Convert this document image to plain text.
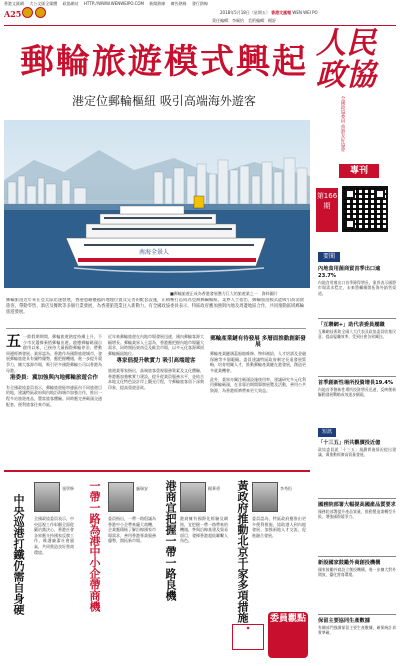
香港文匯網 大公文匯全媒體 政協網站 HTTP://WWW.WENWEIPO.COM 新聞熱線 廣告熱線 發行熱線
A25	2018年5月18日（星期五） 香港文匯報 WEN WEI PO
責任編輯：李佩怡　美術編輯：楊舒
郵輪旅遊模式興起
港定位郵輪樞紐 吸引高端海外遊客
人民政協
全國政協委員 香港友好協會
專刊
第166期
南海全景人
■郵輪旅遊正成為香港發展潛力巨大的旅遊業之一　資料圖片
郵輪旅遊近年來在亞太區迅速發展，香港憑藉優越的地理位置及完善的配套設施，正積極打造成為亞洲郵輪樞紐。業界人士指出，郵輪旅遊模式能吸引高消費旅客，帶動零售、酒店及餐飲等多個行業發展，為香港旅遊業注入新動力。有全國政協委員表示，特區政府應加強與內地及周邊地區合作，共同推動區域郵輪旅遊發展。
五 一節假期期間，郵輪旅遊熱度持續上升，不少市民選擇乘搭郵輪出遊。啟德郵輪碼頭自啟用以來，已接待大量國際郵輪停泊，帶動周邊經濟發展。業界認為，香港作為國際旅遊城市，發展郵輪旅遊具有獨特優勢，應把握機遇，進一步提升競爭力，擴大客源市場，吸引更多國際郵輪公司以香港為母港。
港委員：冀加強與內地郵輪旅遊合作
有全國政協委員表示，郵輪旅遊能串連區內不同旅遊目的地，建議特區政府與內地沿海城市加強合作，推出一程多站旅遊產品，豐富旅客體驗。同時應完善碼頭交通配套，便利旅客往來市區。
近年來郵輪旅遊在內地市場發展迅速，國內郵輪客源大幅增長。郵輪業界人士認為，香港應把握內地市場龐大需求，同時開拓東南亞及歐美市場，以多元化客源鞏固郵輪樞紐地位。
專家倡提升軟實力 吸引高端遊客
旅遊業專家指出，高端旅客重視服務質素及文化體驗，香港應加強軟實力建設，提升從業員服務水平，並結合本地文化特色設計岸上觀光行程，令郵輪旅客留下深刻印象，提高重遊意欲。
郵輪產業鏈有待發展 多層面推動創新發展
郵輪產業鏈涵蓋船舶維修、物料補給、人才培訓及金融保險等多個範疇。委員建議特區政府制定長遠發展策略，培育相關人才，推動郵輪產業鏈在港發展，創造更多就業機會。
此外，業界亦關注碼頭設施使用率，建議研究多元化利用郵輪碼頭，在非靠泊期間舉辦展覽及活動，善用公共資源，為香港經濟帶來更大效益。
中央巡港打鐵仍需自身硬
張學修
全國政協委員表示，中央巡視工作彰顯全面從嚴治黨決心，香港社會各界應支持國家反腐工作，維護廉潔社會風氣，共同營造良好營商環境。	一帶一路為港中小企帶商機	盧瑞安
委員指出，一帶一路倡議為香港中小企帶來龐大商機，企業應積極了解沿線國家市場需求，善用香港專業服務優勢，開拓新市場。	港商宜把握一帶一路良機	楊華勇
港商擁有國際化經驗及網絡，宜把握一帶一路帶來的機遇，參與沿線基建及貿易項目，發揮香港超級聯繫人角色。	黃政府推動北京千家多項措施	李秀恒
委員認為，特區政府應推出更多便利措施，協助港人到內地發展，加強兩地人才交流，促進融合發展。
◆
委員觀點
要聞
內地食用菌商貿首季出口逾23.7%
內地食用菌出口首季錄得增長，業界表示國際市場需求穩定，未來將繼續開拓海外銷售渠道。
「互聯網+」助代表委員履職
互聯網技術助全國人大代表及政協委員收集民意，提高履職效率，受到社會各界關注。
首季創新性場所投資增長19.4%
內地首季創新性場所投資增長迅速，反映創新驅動發展戰略成效逐步顯現。
短訊
「十三五」所共觀價投近億
政協委員就「十三五」規劃實施情況提出建議，冀推動經濟高質量發展。
國務院部署大幅提高國產品質要求
國務院部署提升產品質量，推動製造業轉型升級，增強國際競爭力。
新設國家鼓勵外商創投機構
國家鼓勵外商設立創投機構，進一步擴大對外開放，優化營商環境。
保留主要協同生產數據
有關部門強調保留主要生產數據，確保統計真實準確。
